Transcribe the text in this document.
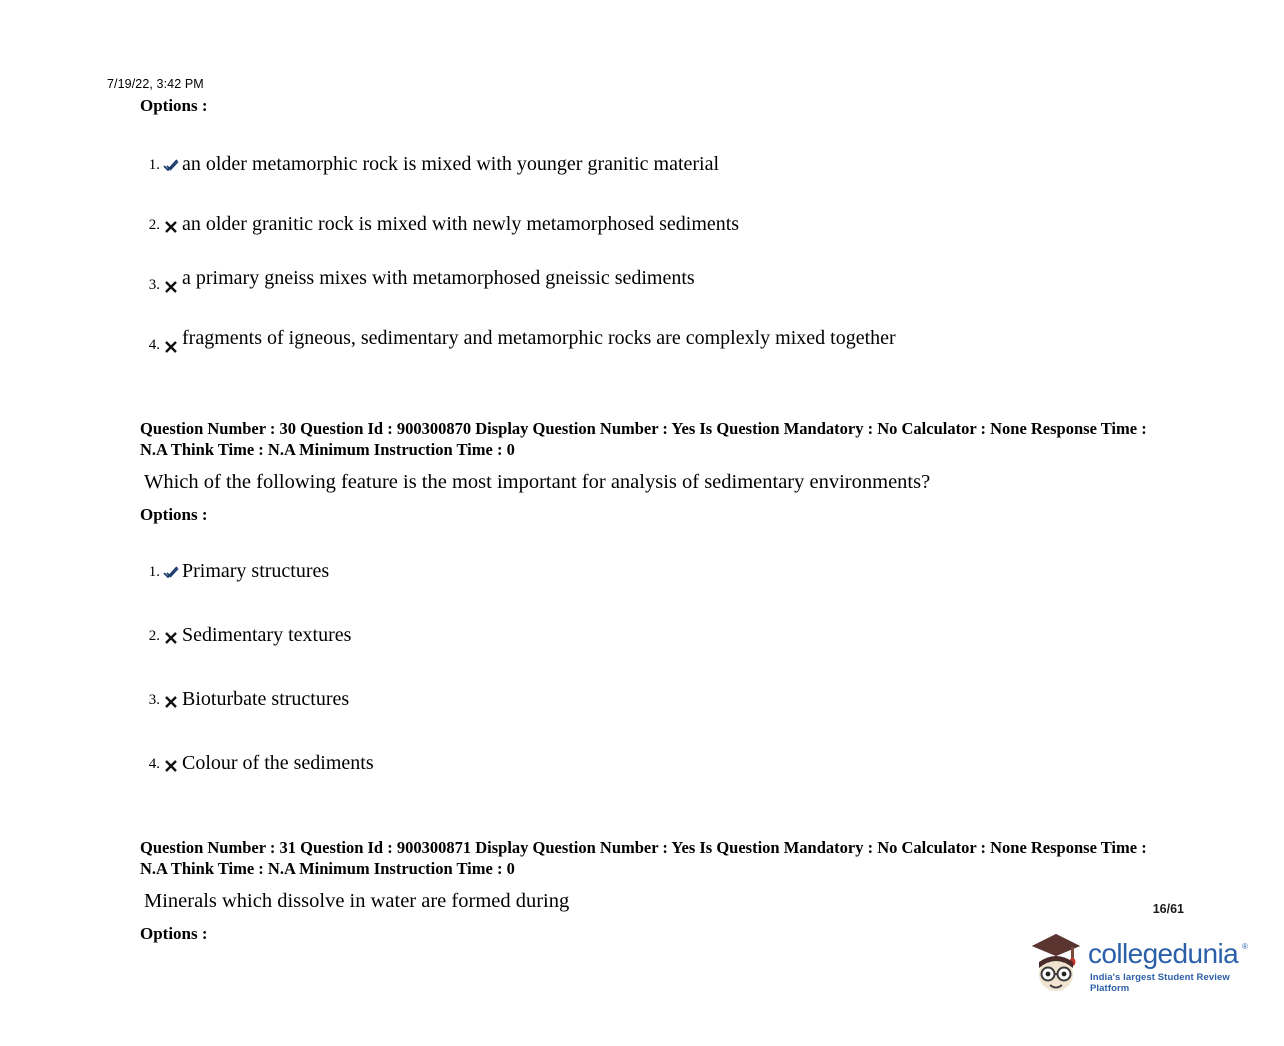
7/19/22, 3:42 PM
Options :
1. an older metamorphic rock is mixed with younger granitic material
2. an older granitic rock is mixed with newly metamorphosed sediments
3. a primary gneiss mixes with metamorphosed gneissic sediments
4. fragments of igneous, sedimentary and metamorphic rocks are complexly mixed together
Question Number : 30 Question Id : 900300870 Display Question Number : Yes Is Question Mandatory : No Calculator : None Response Time : N.A Think Time : N.A Minimum Instruction Time : 0
Which of the following feature is the most important for analysis of sedimentary environments?
Options :
1. Primary structures
2. Sedimentary textures
3. Bioturbate structures
4. Colour of the sediments
Question Number : 31 Question Id : 900300871 Display Question Number : Yes Is Question Mandatory : No Calculator : None Response Time : N.A Think Time : N.A Minimum Instruction Time : 0
Minerals which dissolve in water are formed during
Options :
16/61
collegedunia ®
India's largest Student Review Platform
